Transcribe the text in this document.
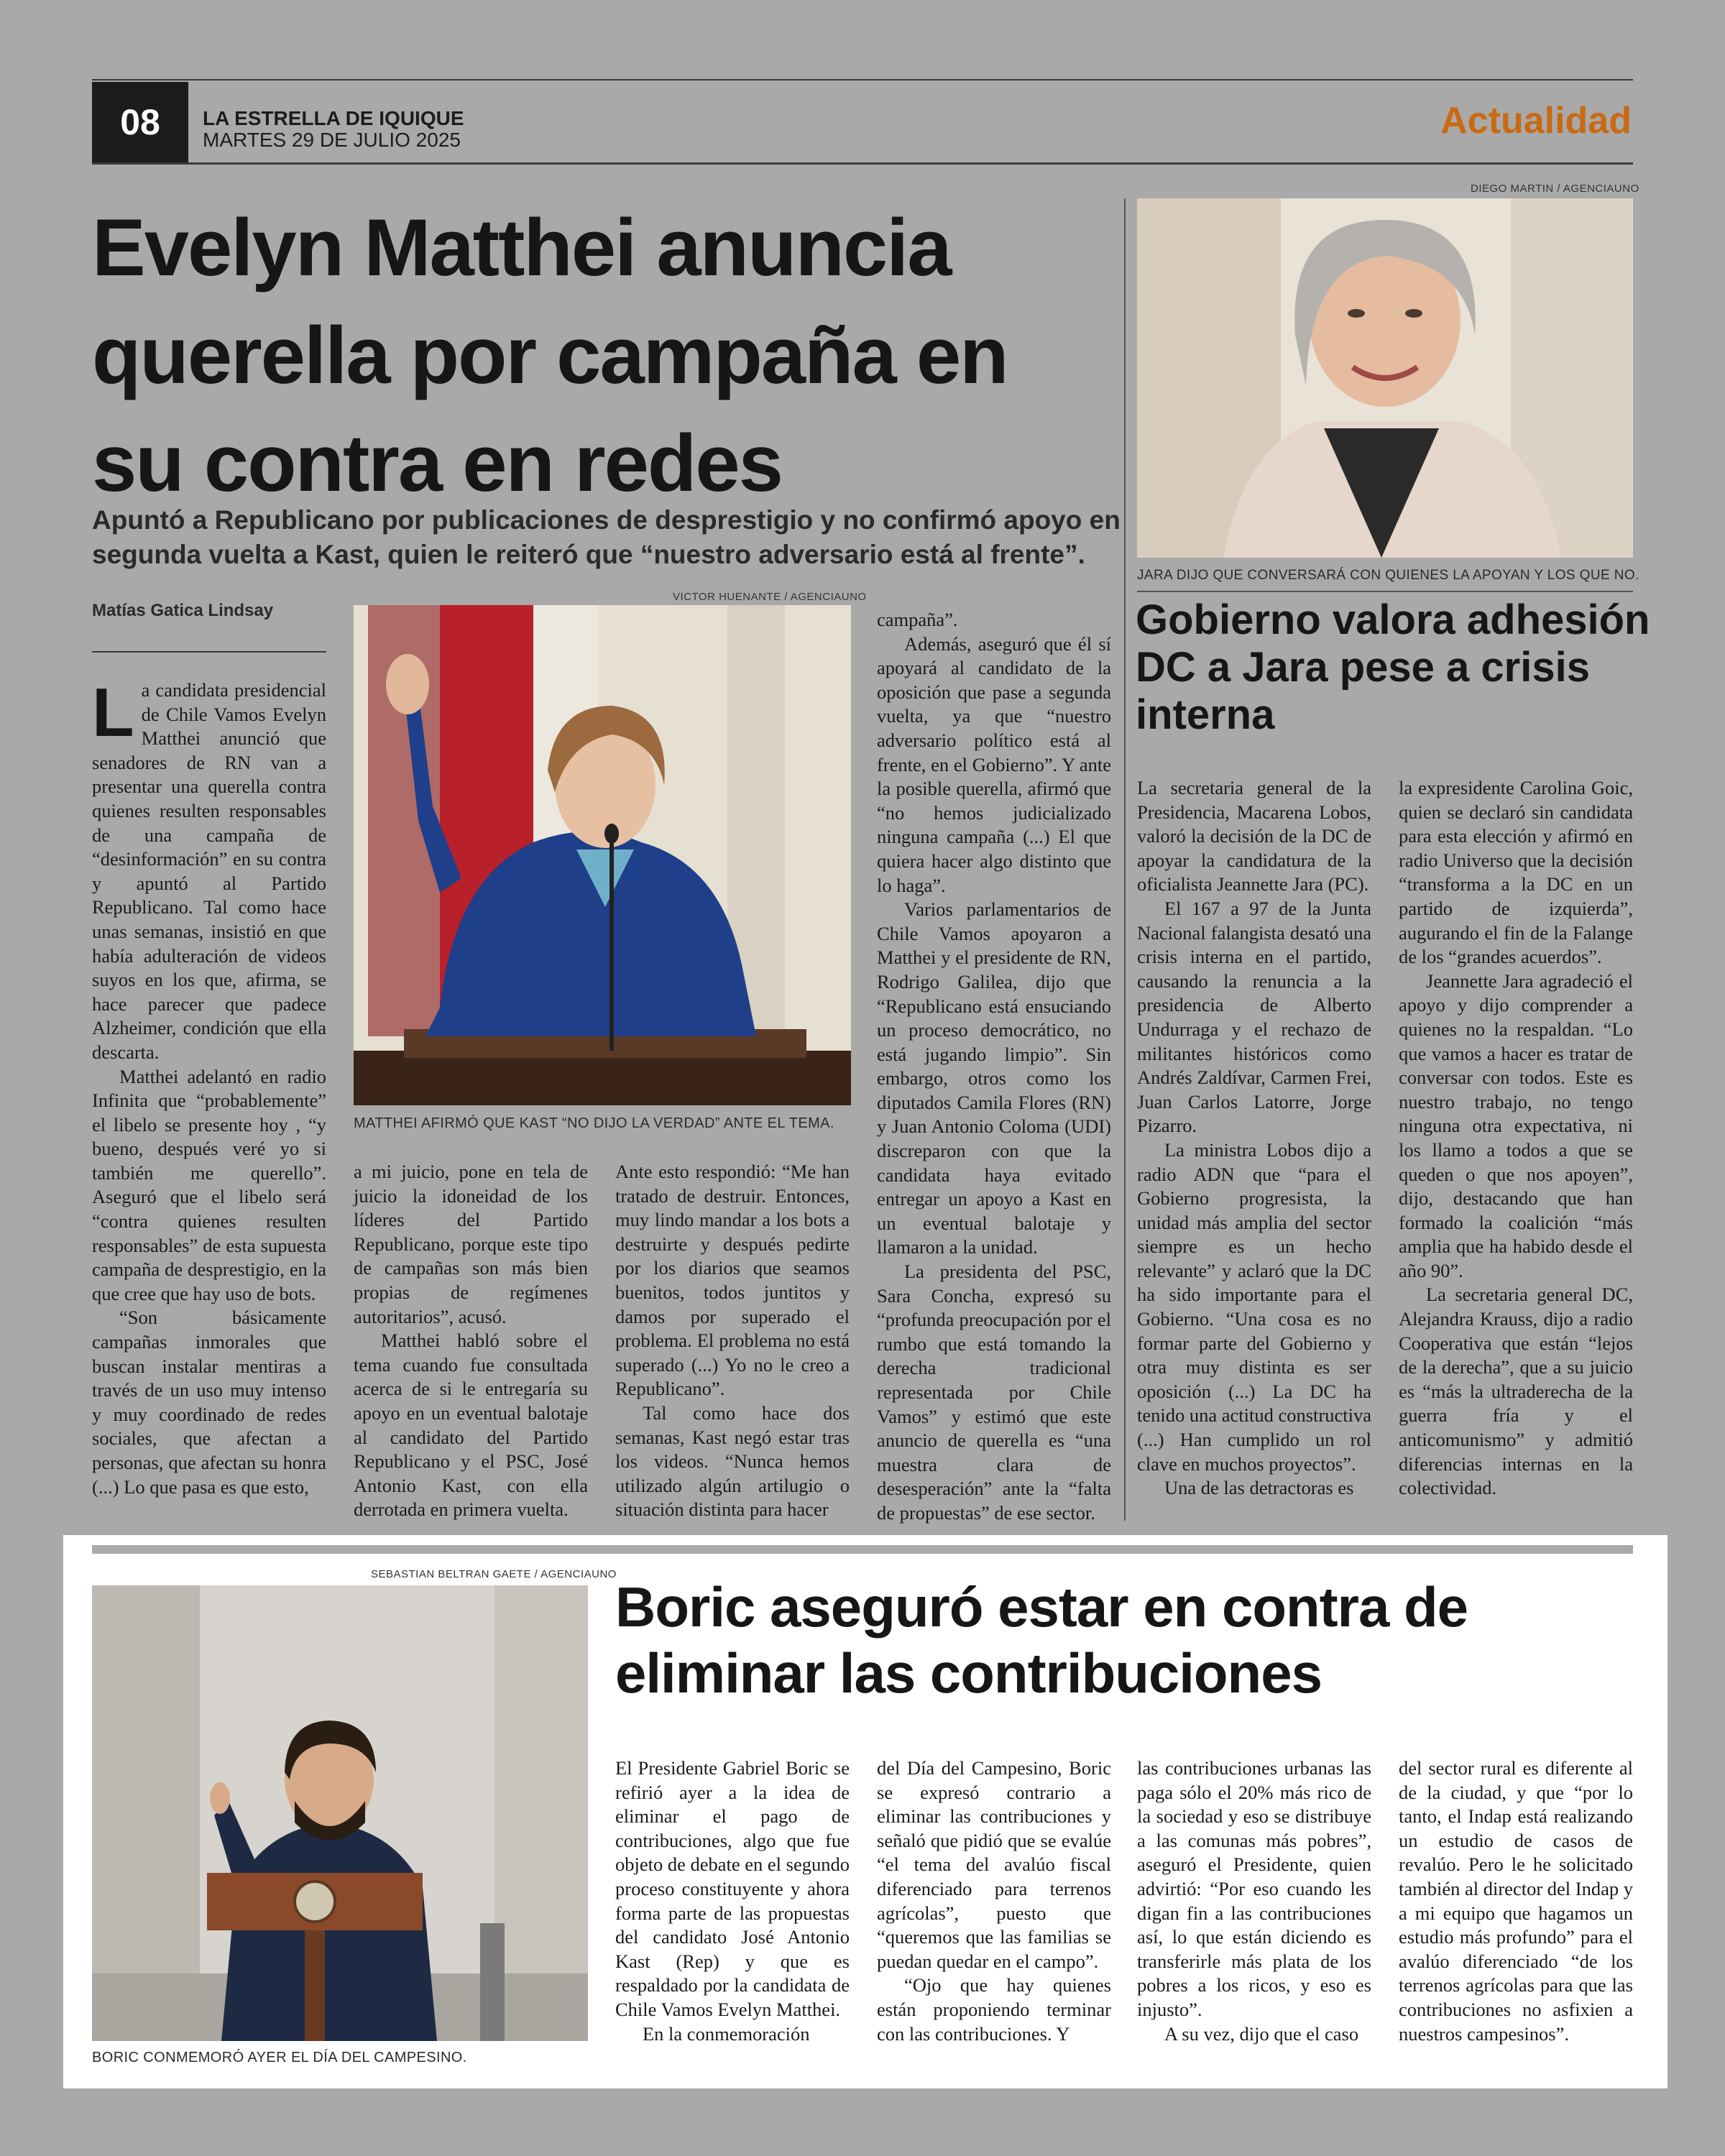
08	LA ESTRELLA DE IQUIQUE
MARTES 29 DE JULIO 2025	Actualidad
Evelyn Matthei anuncia querella por campaña en su contra en redes
Apuntó a Republicano por publicaciones de desprestigio y no confirmó apoyo en segunda vuelta a Kast, quien le reiteró que “nuestro adversario está al frente”.
Matías Gatica Lindsay

La candidata presidencial de Chile Vamos Evelyn Matthei anunció que senadores de RN van a presentar una querella contra quienes resulten responsables de una campaña de “desinformación” en su contra y apuntó al Partido Republicano. Tal como hace unas semanas, insistió en que había adulteración de videos suyos en los que, afirma, se hace parecer que padece Alzheimer, condición que ella descarta.

Matthei adelantó en radio Infinita que “probablemente” el libelo se presente hoy , “y bueno, después veré yo si también me querello”. Aseguró que el libelo será “contra quienes resulten responsables” de esta supuesta campaña de desprestigio, en la que cree que hay uso de bots.

“Son básicamente campañas inmorales que buscan instalar mentiras a través de un uso muy intenso y muy coordinado de redes sociales, que afectan a personas, que afectan su honra (...) Lo que pasa es que esto,

VICTOR HUENANTE / AGENCIAUNO
MATTHEI AFIRMÓ QUE KAST “NO DIJO LA VERDAD” ANTE EL TEMA.

a mi juicio, pone en tela de juicio la idoneidad de los líderes del Partido Republicano, porque este tipo de campañas son más bien propias de regímenes autoritarios”, acusó.

Matthei habló sobre el tema cuando fue consultada acerca de si le entregaría su apoyo en un eventual balotaje al candidato del Partido Republicano y el PSC, José Antonio Kast, con ella derrotada en primera vuelta.

Ante esto respondió: “Me han tratado de destruir. Entonces, muy lindo mandar a los bots a destruirte y después pedirte por los diarios que seamos buenitos, todos juntitos y damos por superado el problema. El problema no está superado (...) Yo no le creo a Republicano”.

Tal como hace dos semanas, Kast negó estar tras los videos. “Nunca hemos utilizado algún artilugio o situación distinta para hacer

campaña”.

Además, aseguró que él sí apoyará al candidato de la oposición que pase a segunda vuelta, ya que “nuestro adversario político está al frente, en el Gobierno”. Y ante la posible querella, afirmó que “no hemos judicializado ninguna campaña (...) El que quiera hacer algo distinto que lo haga”.

Varios parlamentarios de Chile Vamos apoyaron a Matthei y el presidente de RN, Rodrigo Galilea, dijo que “Republicano está ensuciando un proceso democrático, no está jugando limpio”. Sin embargo, otros como los diputados Camila Flores (RN) y Juan Antonio Coloma (UDI) discreparon con que la candidata haya evitado entregar un apoyo a Kast en un eventual balotaje y llamaron a la unidad.

La presidenta del PSC, Sara Concha, expresó su “profunda preocupación por el rumbo que está tomando la derecha tradicional representada por Chile Vamos” y estimó que este anuncio de querella es “una muestra clara de desesperación” ante la “falta de propuestas” de ese sector.

DIEGO MARTIN / AGENCIAUNO
JARA DIJO QUE CONVERSARÁ CON QUIENES LA APOYAN Y LOS QUE NO.
Gobierno valora adhesión DC a Jara pese a crisis interna

La secretaria general de la Presidencia, Macarena Lobos, valoró la decisión de la DC de apoyar la candidatura de la oficialista Jeannette Jara (PC).

El 167 a 97 de la Junta Nacional falangista desató una crisis interna en el partido, causando la renuncia a la presidencia de Alberto Undurraga y el rechazo de militantes históricos como Andrés Zaldívar, Carmen Frei, Juan Carlos Latorre, Jorge Pizarro.

La ministra Lobos dijo a radio ADN que “para el Gobierno progresista, la unidad más amplia del sector siempre es un hecho relevante” y aclaró que la DC ha sido importante para el Gobierno. “Una cosa es no formar parte del Gobierno y otra muy distinta es ser oposición (...) La DC ha tenido una actitud constructiva (...) Han cumplido un rol clave en muchos proyectos”.

Una de las detractoras es

la expresidente Carolina Goic, quien se declaró sin candidata para esta elección y afirmó en radio Universo que la decisión “transforma a la DC en un partido de izquierda”, augurando el fin de la Falange de los “grandes acuerdos”.

Jeannette Jara agradeció el apoyo y dijo comprender a quienes no la respaldan. “Lo que vamos a hacer es tratar de conversar con todos. Este es nuestro trabajo, no tengo ninguna otra expectativa, ni los llamo a todos a que se queden o que nos apoyen”, dijo, destacando que han formado la coalición “más amplia que ha habido desde el año 90”.

La secretaria general DC, Alejandra Krauss, dijo a radio Cooperativa que están “lejos de la derecha”, que a su juicio es “más la ultraderecha de la guerra fría y el anticomunismo” y admitió diferencias internas en la colectividad.

SEBASTIAN BELTRAN GAETE / AGENCIAUNO
BORIC CONMEMORÓ AYER EL DÍA DEL CAMPESINO.
Boric aseguró estar en contra de eliminar las contribuciones

El Presidente Gabriel Boric se refirió ayer a la idea de eliminar el pago de contribuciones, algo que fue objeto de debate en el segundo proceso constituyente y ahora forma parte de las propuestas del candidato José Antonio Kast (Rep) y que es respaldado por la candidata de Chile Vamos Evelyn Matthei.

En la conmemoración

del Día del Campesino, Boric se expresó contrario a eliminar las contribuciones y señaló que pidió que se evalúe “el tema del avalúo fiscal diferenciado para terrenos agrícolas”, puesto que “queremos que las familias se puedan quedar en el campo”.

“Ojo que hay quienes están proponiendo terminar con las contribuciones. Y

las contribuciones urbanas las paga sólo el 20% más rico de la sociedad y eso se distribuye a las comunas más pobres”, aseguró el Presidente, quien advirtió: “Por eso cuando les digan fin a las contribuciones así, lo que están diciendo es transferirle más plata de los pobres a los ricos, y eso es injusto”.

A su vez, dijo que el caso

del sector rural es diferente al de la ciudad, y que “por lo tanto, el Indap está realizando un estudio de casos de revalúo. Pero le he solicitado también al director del Indap y a mi equipo que hagamos un estudio más profundo” para el avalúo diferenciado “de los terrenos agrícolas para que las contribuciones no asfixien a nuestros campesinos”.
